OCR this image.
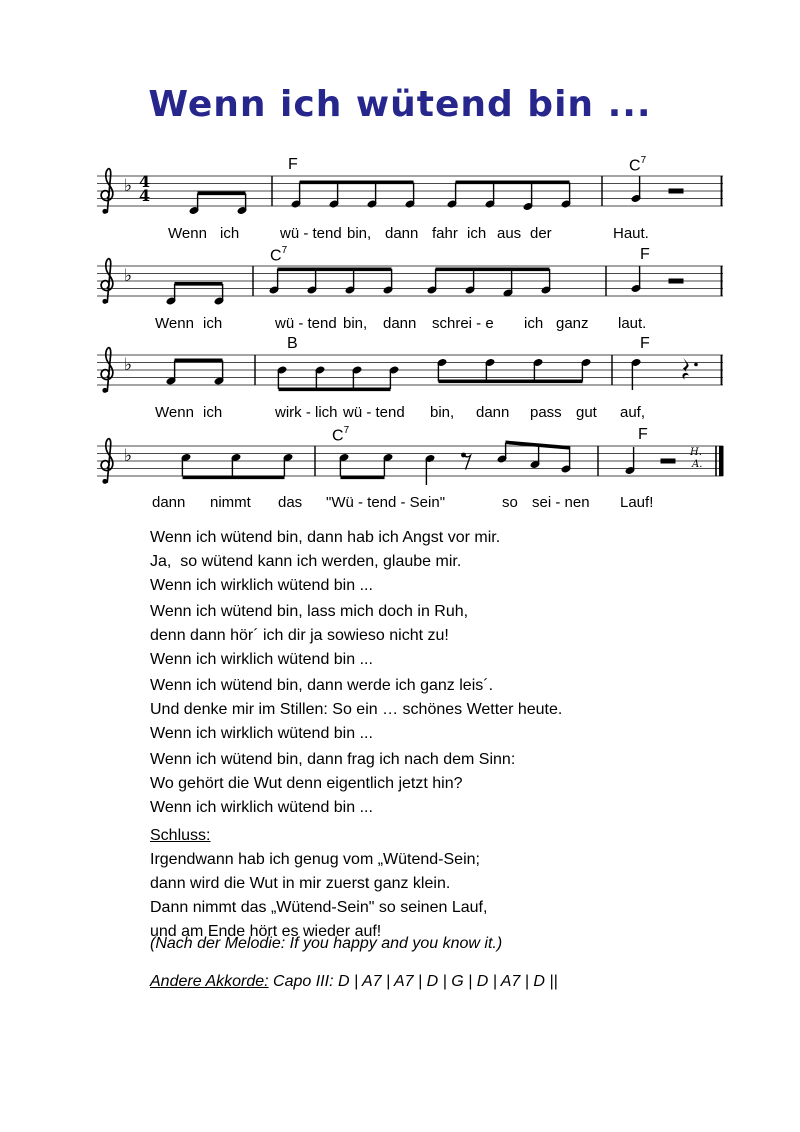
Wenn ich wütend bin ...
♭ 4
4
F	$C^7$
Wenn ich	wü - tend bin, dann fahr ich aus der	Haut.
♭
$C^7$	F
Wenn ich	wü - tend bin, dann schrei - e ich ganz laut.
♭
B	F
Wenn ich	wirk - lich wü - tend bin, dann pass gut auf,
♭
$C^7$	F
dann nimmt das "Wü - tend - Sein"	so sei - nen Lauf!
H.
A.

Wenn ich wütend bin, dann hab ich Angst vor mir.
Ja,  so wütend kann ich werden, glaube mir.
Wenn ich wirklich wütend bin ...

Wenn ich wütend bin, lass mich doch in Ruh,
denn dann hör´ ich dir ja sowieso nicht zu!
Wenn ich wirklich wütend bin ...

Wenn ich wütend bin, dann werde ich ganz leis´.
Und denke mir im Stillen: So ein … schönes Wetter heute.
Wenn ich wirklich wütend bin ...

Wenn ich wütend bin, dann frag ich nach dem Sinn:
Wo gehört die Wut denn eigentlich jetzt hin?
Wenn ich wirklich wütend bin ...

Schluss:
Irgendwann hab ich genug vom „Wütend-Sein;
dann wird die Wut in mir zuerst ganz klein.
Dann nimmt das „Wütend-Sein" so seinen Lauf,
und am Ende hört es wieder auf!

(Nach der Melodie: If you happy and you know it.)

Andere Akkorde: Capo III: D | A7 | A7 | D | G | D | A7 | D ||
